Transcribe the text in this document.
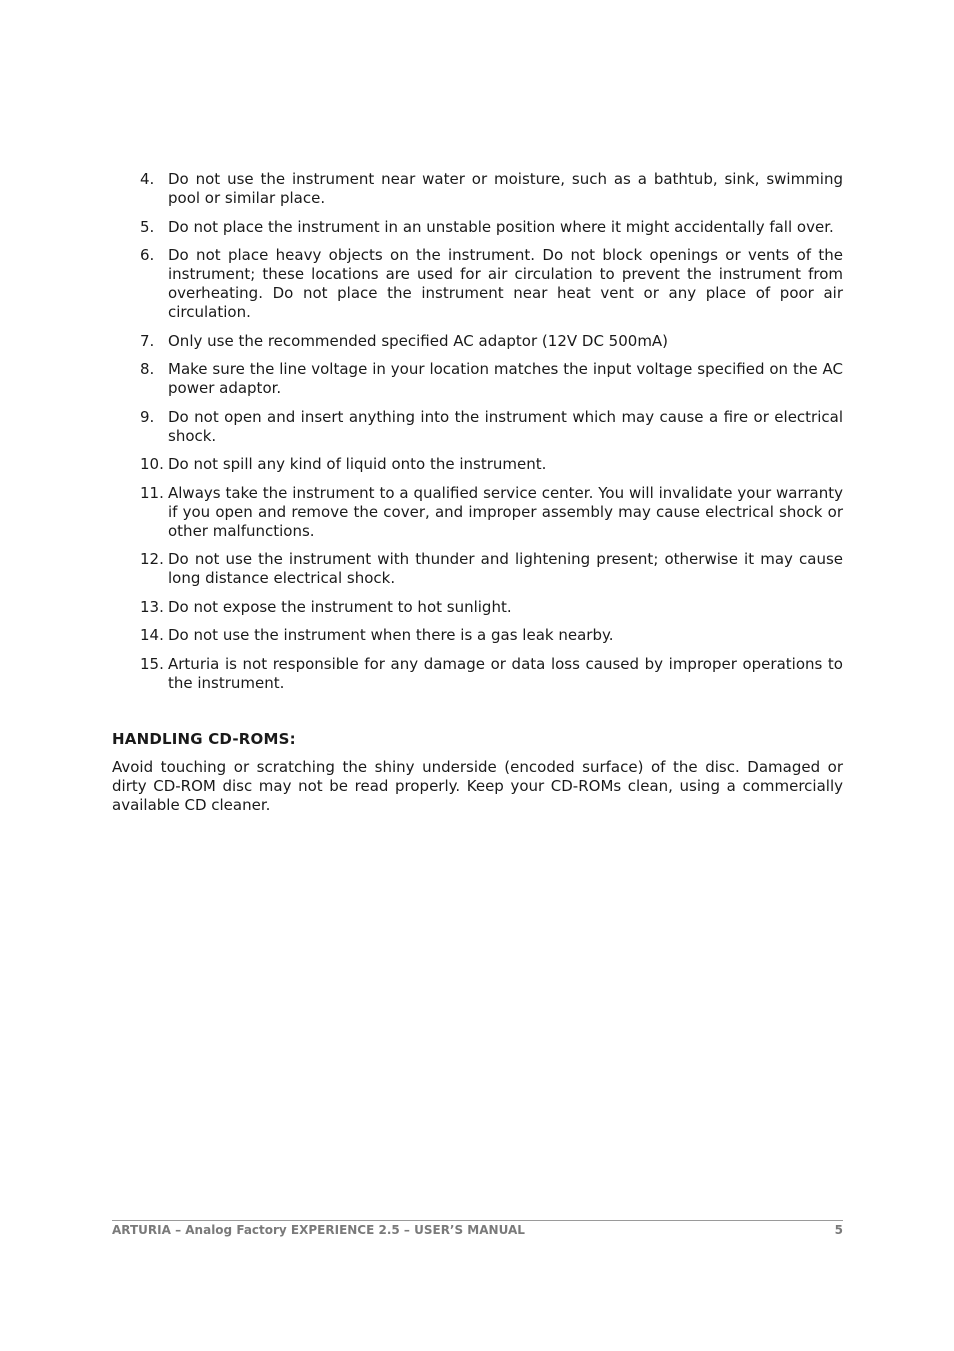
4. Do not use the instrument near water or moisture, such as a bathtub, sink, swimming pool or similar place.
5. Do not place the instrument in an unstable position where it might accidentally fall over.
6. Do not place heavy objects on the instrument. Do not block openings or vents of the instrument; these locations are used for air circulation to prevent the instrument from overheating. Do not place the instrument near heat vent or any place of poor air circulation.
7. Only use the recommended specified AC adaptor (12V DC 500mA)
8. Make sure the line voltage in your location matches the input voltage specified on the AC power adaptor.
9. Do not open and insert anything into the instrument which may cause a fire or electrical shock.
10. Do not spill any kind of liquid onto the instrument.
11. Always take the instrument to a qualified service center. You will invalidate your warranty if you open and remove the cover, and improper assembly may cause electrical shock or other malfunctions.
12. Do not use the instrument with thunder and lightening present; otherwise it may cause long distance electrical shock.
13. Do not expose the instrument to hot sunlight.
14. Do not use the instrument when there is a gas leak nearby.
15. Arturia is not responsible for any damage or data loss caused by improper operations to the instrument.
HANDLING CD-ROMS:

Avoid touching or scratching the shiny underside (encoded surface) of the disc. Damaged or dirty CD-ROM disc may not be read properly. Keep your CD-ROMs clean, using a commercially available CD cleaner.

ARTURIA – Analog Factory EXPERIENCE 2.5 – USER’S MANUAL	5
